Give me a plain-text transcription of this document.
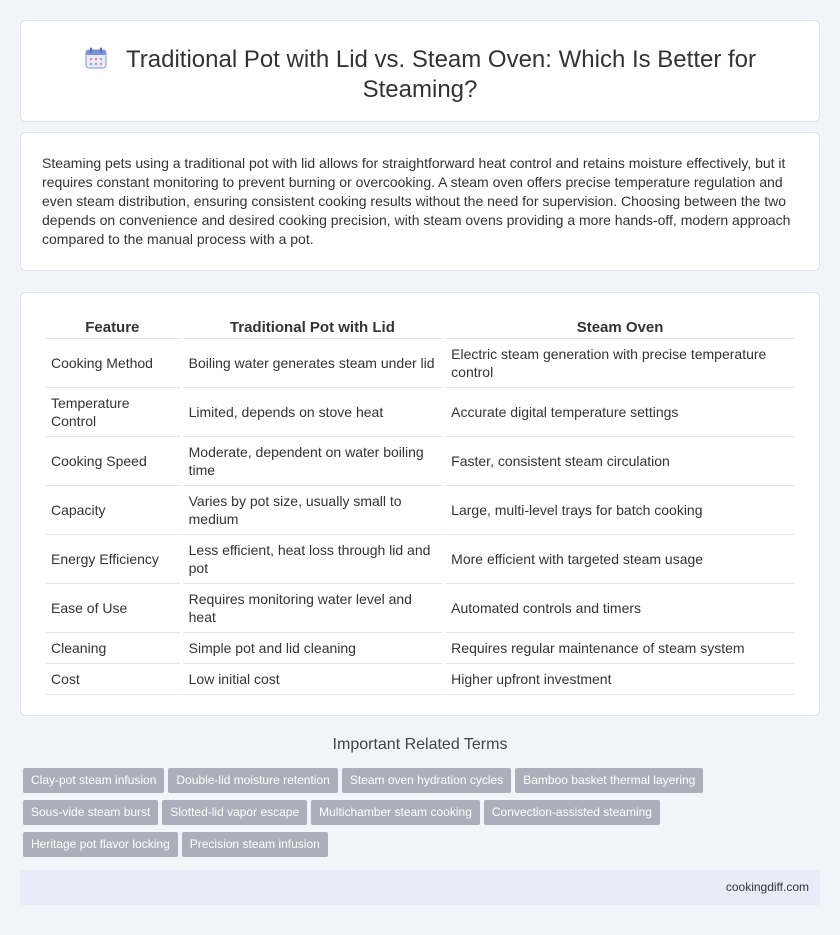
Traditional Pot with Lid vs. Steam Oven: Which Is Better for Steaming?

Steaming pets using a traditional pot with lid allows for straightforward heat control and retains moisture effectively, but it requires constant monitoring to prevent burning or overcooking. A steam oven offers precise temperature regulation and even steam distribution, ensuring consistent cooking results without the need for supervision. Choosing between the two depends on convenience and desired cooking precision, with steam ovens providing a more hands-off, modern approach compared to the manual process with a pot.

Feature	Traditional Pot with Lid	Steam Oven
Cooking Method	Boiling water generates steam under lid	Electric steam generation with precise temperature control
Temperature Control	Limited, depends on stove heat	Accurate digital temperature settings
Cooking Speed	Moderate, dependent on water boiling time	Faster, consistent steam circulation
Capacity	Varies by pot size, usually small to medium	Large, multi-level trays for batch cooking
Energy Efficiency	Less efficient, heat loss through lid and pot	More efficient with targeted steam usage
Ease of Use	Requires monitoring water level and heat	Automated controls and timers
Cleaning	Simple pot and lid cleaning	Requires regular maintenance of steam system
Cost	Low initial cost	Higher upfront investment
Important Related Terms
Clay-pot steam infusion Double-lid moisture retention Steam oven hydration cycles Bamboo basket thermal layering
Sous-vide steam burst Slotted-lid vapor escape Multichamber steam cooking Convection-assisted steaming
Heritage pot flavor locking Precision steam infusion
cookingdiff.com
